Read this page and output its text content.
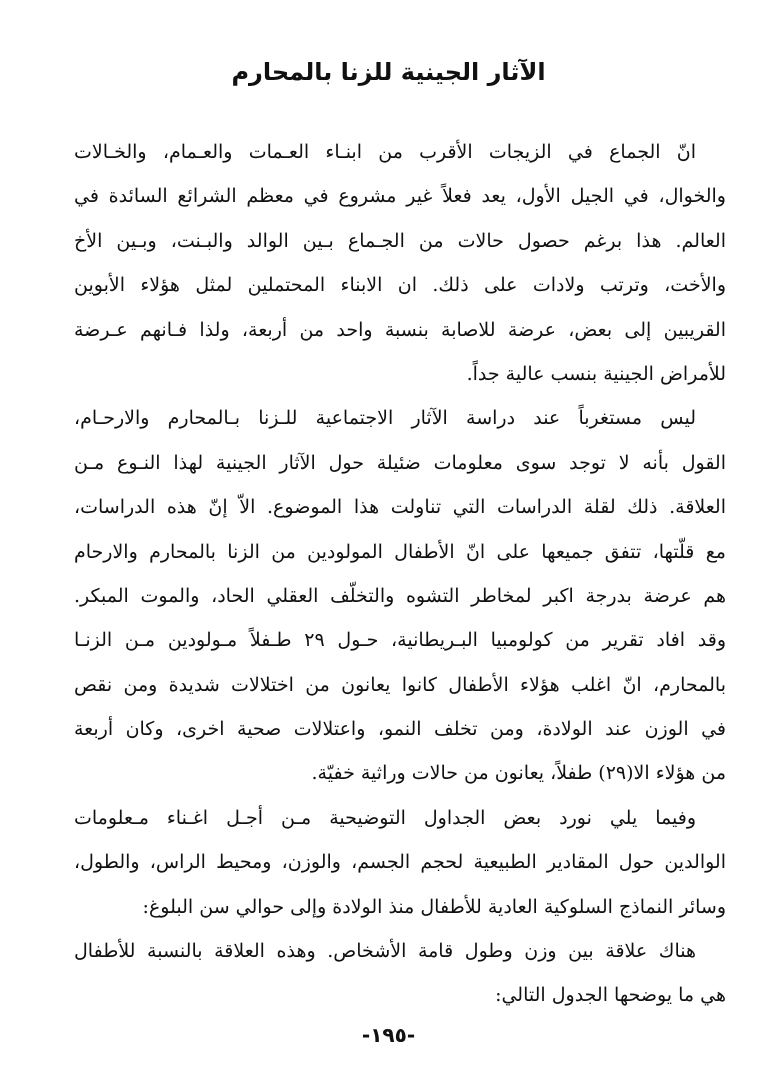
الآثار الجينية للزنا بالمحارم
انّ الجماع في الزيجات الأقرب من ابنـاء العـمات والعـمام، والخـالات
والخوال، في الجيل الأول، يعد فعلاً غير مشروع في معظم الشرائع السائدة في
العالم. هذا برغم حصول حالات من الجـماع بـين الوالد والبـنت، وبـين الأخ
والأخت، وترتب ولادات على ذلك. ان الابناء المحتملين لمثل هؤلاء الأبوين
القريبين إلى بعض، عرضة للاصابة بنسبة واحد من أربعة، ولذا فـانهم عـرضة
للأمراض الجينية بنسب عالية جداً.
ليس مستغرباً عند دراسة الآثار الاجتماعية للـزنا بـالمحارم والارحـام،
القول بأنه لا توجد سوى معلومات ضئيلة حول الآثار الجينية لهذا النـوع مـن
العلاقة. ذلك لقلة الدراسات التي تناولت هذا الموضوع. الاّ إنّ هذه الدراسات،
مع قلّتها، تتفق جميعها على انّ الأطفال المولودين من الزنا بالمحارم والارحام
هم عرضة بدرجة اكبر لمخاطر التشوه والتخلّف العقلي الحاد، والموت المبكر.
وقد افاد تقرير من كولومبيا البـريطانية، حـول ٢٩ طـفلاً مـولودين مـن الزنـا
بالمحارم، انّ اغلب هؤلاء الأطفال كانوا يعانون من اختلالات شديدة ومن نقص
في الوزن عند الولادة، ومن تخلف النمو، واعتلالات صحية اخرى، وكان أربعة
من هؤلاء الا(٢٩) طفلاً، يعانون من حالات وراثية خفيّة.
وفيما يلي نورد بعض الجداول التوضيحية مـن أجـل اغـناء مـعلومات
الوالدين حول المقادير الطبيعية لحجم الجسم، والوزن، ومحيط الراس، والطول،
وسائر النماذج السلوكية العادية للأطفال منذ الولادة وإلى حوالي سن البلوغ:
هناك علاقة بين وزن وطول قامة الأشخاص. وهذه العلاقة بالنسبة للأطفال
هي ما يوضحها الجدول التالي:
-١٩٥-
